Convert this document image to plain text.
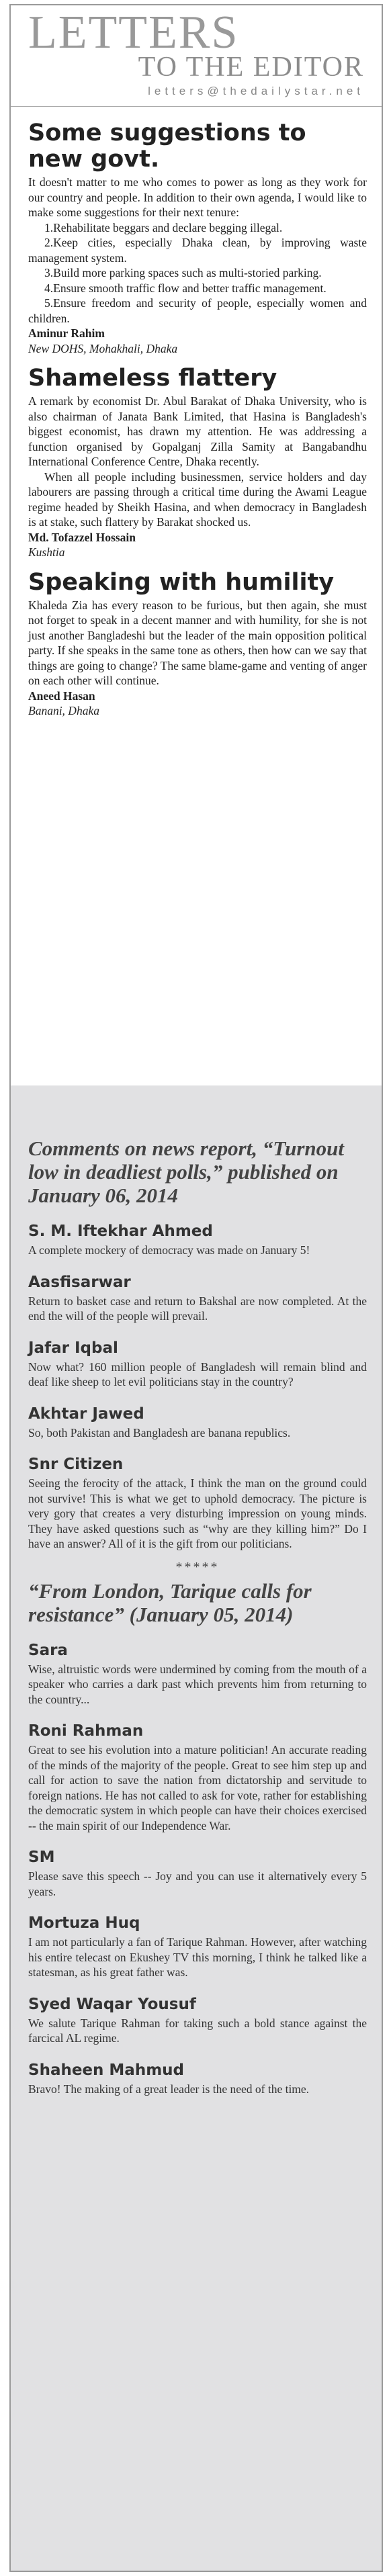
LETTERS
TO THE EDITOR
letters@thedailystar.net
Some suggestions to new govt.

It doesn't matter to me who comes to power as long as they work for our country and people. In addition to their own agenda, I would like to make some suggestions for their next tenure:

1.Rehabilitate beggars and declare begging illegal.

2.Keep cities, especially Dhaka clean, by improving waste management system.

3.Build more parking spaces such as multi-storied parking.

4.Ensure smooth traffic flow and better traffic management.

5.Ensure freedom and security of people, especially women and children.

Aminur Rahim
New DOHS, Mohakhali, Dhaka
Shameless flattery

A remark by economist Dr. Abul Barakat of Dhaka University, who is also chairman of Janata Bank Limited, that Hasina is Bangladesh's biggest economist, has drawn my attention. He was addressing a function organised by Gopalganj Zilla Samity at Bangabandhu International Conference Centre, Dhaka recently.

When all people including businessmen, service holders and day labourers are passing through a critical time during the Awami League regime headed by Sheikh Hasina, and when democracy in Bangladesh is at stake, such flattery by Barakat shocked us.

Md. Tofazzel Hossain
Kushtia
Speaking with humility

Khaleda Zia has every reason to be furious, but then again, she must not forget to speak in a decent manner and with humility, for she is not just another Bangladeshi but the leader of the main opposition political party. If she speaks in the same tone as others, then how can we say that things are going to change? The same blame-game and venting of anger on each other will continue.

Aneed Hasan
Banani, Dhaka
Comments on news report, “Turnout low in deadliest polls,” published on January 06, 2014
S. M. Iftekhar Ahmed
A complete mockery of democracy was made on January 5!
Aasfisarwar
Return to basket case and return to Bakshal are now completed. At the end the will of the people will prevail.
Jafar Iqbal
Now what? 160 million people of Bangladesh will remain blind and deaf like sheep to let evil politicians stay in the country?
Akhtar Jawed
So, both Pakistan and Bangladesh are banana republics.
Snr Citizen
Seeing the ferocity of the attack, I think the man on the ground could not survive! This is what we get to uphold democracy. The picture is very gory that creates a very disturbing impression on young minds. They have asked questions such as “why are they killing him?” Do I have an answer? All of it is the gift from our politicians.
*****
“From London, Tarique calls for resistance” (January 05, 2014)
Sara
Wise, altruistic words were undermined by coming from the mouth of a speaker who carries a dark past which prevents him from returning to the country...
Roni Rahman
Great to see his evolution into a mature politician! An accurate reading of the minds of the majority of the people. Great to see him step up and call for action to save the nation from dictatorship and servitude to foreign nations. He has not called to ask for vote, rather for establishing the democratic system in which people can have their choices exercised -- the main spirit of our Independence War.
SM
Please save this speech -- Joy and you can use it alternatively every 5 years.
Mortuza Huq
I am not particularly a fan of Tarique Rahman. However, after watching his entire telecast on Ekushey TV this morning, I think he talked like a statesman, as his great father was.
Syed Waqar Yousuf
We salute Tarique Rahman for taking such a bold stance against the farcical AL regime.
Shaheen Mahmud
Bravo! The making of a great leader is the need of the time.
